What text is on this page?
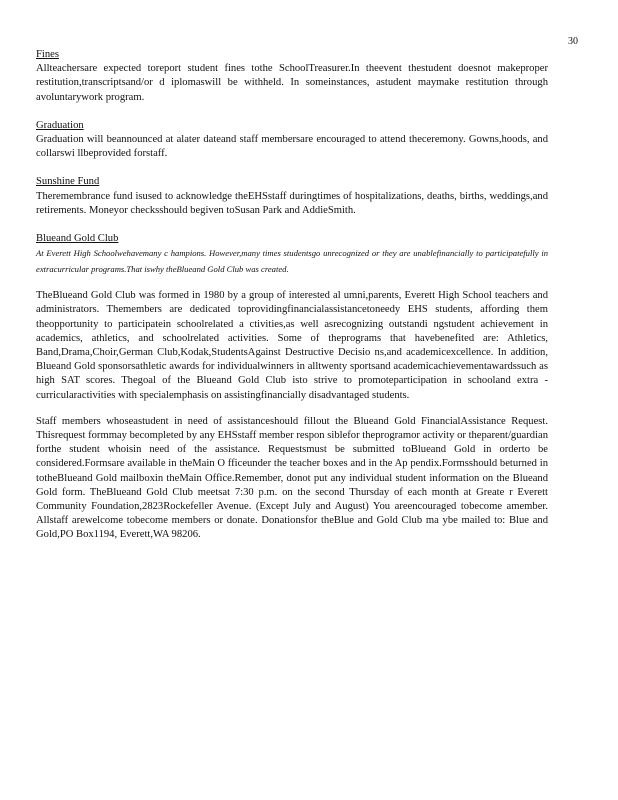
30
Fines
Allteachersare expected toreport student fines tothe SchoolTreasurer.In theevent thestudent doesnot makeproper restitution,transcriptsand/or d iplomaswill be withheld. In someinstances, astudent maymake restitution through avoluntarywork program.
Graduation
Graduation will beannounced at alater dateand staff membersare encouraged to attend theceremony. Gowns,hoods, and collarswi llbeprovided forstaff.
Sunshine Fund
Theremembrance fund isused to acknowledge theEHSstaff duringtimes of hospitalizations, deaths, births, weddings,and retirements. Moneyor checksshould begiven toSusan Park and AddieSmith.
Blueand Gold Club
At Everett High Schoolwehavemany c hampions. However,many times studentsgo unrecognized or they are unablefinancially to participatefully in extracurricular programs.That iswhy theBlueand Gold Club was created.
TheBlueand Gold Club was formed in 1980 by a group of interested al umni,parents, Everett High School teachers and administrators. Themembers are dedicated toprovidingfinancialassistancetoneedy EHS students, affording them theopportunity to participatein schoolrelated a ctivities,as well asrecognizing outstandi ngstudent achievement in academics, athletics, and schoolrelated activities. Some of theprograms that havebenefited are: Athletics, Band,Drama,Choir,German Club,Kodak,StudentsAgainst Destructive Decisio ns,and academicexcellence. In addition, Blueand Gold sponsorsathletic awards for individualwinners in alltwenty sportsand academicachievementawardssuch as high SAT scores. Thegoal of the Blueand Gold Club isto strive to promoteparticipation in schooland extra -curricularactivities with specialemphasis on assistingfinancially disadvantaged students.
Staff members whoseastudent in need of assistanceshould fillout the Blueand Gold FinancialAssistance Request. Thisrequest formmay becompleted by any EHSstaff member respon siblefor theprogramor activity or theparent/guardian forthe student whoisin need of the assistance. Requestsmust be submitted toBlueand Gold in orderto be considered.Formsare available in theMain O fficeunder the teacher boxes and in the Ap pendix.Formsshould beturned in totheBlueand Gold mailboxin theMain Office.Remember, donot put any individual student information on the Blueand Gold form. TheBlueand Gold Club meetsat 7:30 p.m. on the second Thursday of each month at Greate r Everett Community Foundation,2823Rockefeller Avenue. (Except July and August) You areencouraged tobecome amember. Allstaff arewelcome tobecome members or donate. Donationsfor theBlue and Gold Club ma ybe mailed to: Blue and Gold,PO Box1194, Everett,WA 98206.
